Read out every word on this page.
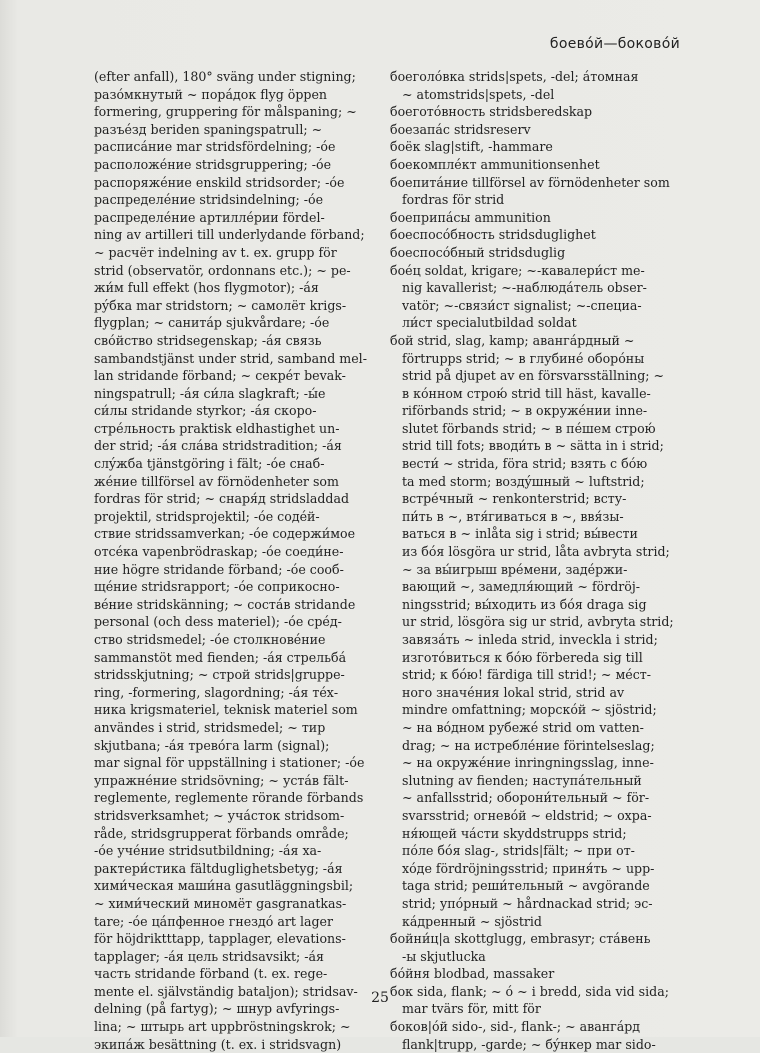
боевóй—боковóй
(efter anfall), 180° sväng under stigning;
разóмкнутый ~ порáдок flyg öppen
formering, gruppering för målspaning; ~
разъéзд beriden spaningspatrull; ~
расписáние mar stridsfördelning; -óе
расположéние stridsgruppering; -óе
распоряжéние enskild stridsorder; -óе
распределéние stridsindelning; -óе
распределéние артиллéрии fördel-
ning av artilleri till underlydande förband;
~ расчёт indelning av t. ex. grupp för
strid (observatör, ordonnans etc.); ~ ре-
жи́м full effekt (hos flygmotor); -áя
рýбка mar stridstorn; ~ самолёт krigs-
flygplan; ~ санитáр sjukvårdare; -óе
свóйство stridsegenskap; -áя связь
sambandstjänst under strid, samband mel-
lan stridande förband; ~ секрéт bevak-
ningspatrull; -áя си́ла slagkraft; -ы́е
си́лы stridande styrkor; -áя скоро-
стрéльность praktisk eldhastighet un-
der strid; -áя слáва stridstradition; -áя
слýжба tjänstgöring i fält; -óе снаб-
жéние tillförsel av förnödenheter som
fordras för strid; ~ снаря́д stridsladdad
projektil, stridsprojektil; -óе содéй-
ствие stridssamverkan; -óе содержи́мое
отсéка vapenbrödraskap; -óе соеди́не-
ние högre stridande förband; -óе сооб-
щéние stridsrapport; -óе соприкосно-
вéние stridskänning; ~ состáв stridande
personal (och dess materiel); -óе срéд-
ство stridsmedel; -óе столкновéние
sammanstöt med fienden; -áя стрельбá
stridsskjutning; ~ строй strids|gruppe-
ring, -formering, slagordning; -áя тéх-
ника krigsmateriel, teknisk materiel som
användes i strid, stridsmedel; ~ тир
skjutbana; -áя тревóга larm (signal);
mar signal för uppställning i stationer; -óе
упражнéние stridsövning; ~ устáв fält-
reglemente, reglemente rörande förbands
stridsverksamhet; ~ учáсток stridsom-
råde, stridsgrupperat förbands område;
-óе учéние stridsutbildning; -áя ха-
рактери́стика fältduglighetsbetyg; -áя
хими́ческая маши́на gasutläggningsbil;
~ хими́ческий миномёт gasgranatkas-
tare; -óе цáпфенное гнездó art lager
för höjdriktttapp, tapplager, elevations-
tapplager; -áя цель stridsavsikt; -áя
часть stridande förband (t. ex. rege-
mente el. självständig bataljon); stridsav-
delning (på fartyg); ~ шнур avfyrings-
lina; ~ штырь art uppbröstningskrok; ~
экипáж besättning (t. ex. i stridsvagn)
боеголóвка strids|spets, -del; áтомная
~ atomstrids|spets, -del
боеготóвность stridsberedskap
боезапáс stridsreserv
боёк slag|stift, -hammare
боекомплéкт ammunitionsenhet
боепитáние tillförsel av förnödenheter som
fordras för strid
боеприпáсы ammunition
боеспосóбность stridsduglighet
боеспосóбный stridsduglig
боéц soldat, krigare; ~-кавалери́ст me-
nig kavallerist; ~-наблюдáтель obser-
vatör; ~-связи́ст signalist; ~-специа-
ли́ст specialutbildad soldat
бой strid, slag, kamp; авангáрдный ~
förtrupps strid; ~ в глубинé оборóны
strid på djupet av en försvarsställning; ~
в кóнном строю́ strid till häst, kavalle-
riförbands strid; ~ в окружéнии inne-
slutet förbands strid; ~ в пéшем строю́
strid till fots; вводи́ть в ~ sätta in i strid;
вести́ ~ strida, föra strid; взять с бóю
ta med storm; воздýшный ~ luftstrid;
встрéчный ~ renkonterstrid; всту-
пи́ть в ~, втя́гиваться в ~, ввя́зы-
ваться в ~ inlåta sig i strid; вы́вести
из бóя lösgöra ur strid, låta avbryta strid;
~ за вы́игрыш врéмени, задéржи-
вающий ~, замедля́ющий ~ fördröj-
ningsstrid; вы́ходить из бóя draga sig
ur strid, lösgöra sig ur strid, avbryta strid;
завязáть ~ inleda strid, inveckla i strid;
изготóвиться к бóю förbereda sig till
strid; к бóю! färdiga till strid!; ~ мéст-
ного значéния lokal strid, strid av
mindre omfattning; морскóй ~ sjöstrid;
~ на вóдном рубежé strid om vatten-
drag; ~ на истреблéние förintelseslag;
~ на окружéние inringningsslag, inne-
slutning av fienden; наступáтельный
~ anfallsstrid; оборони́тельный ~ för-
svarsstrid; огневóй ~ eldstrid; ~ охра-
ня́ющей чáсти skyddstrupps strid;
пóле бóя slag-, strids|fält; ~ при от-
хóде fördröjningsstrid; приня́ть ~ upp-
taga strid; реши́тельный ~ avgörande
strid; упóрный ~ hårdnackad strid; эс-
кáдренный ~ sjöstrid
бойни́ц|а skottglugg, embrasyr; стáвень
-ы skjutlucka
бóйня blodbad, massaker
бок sida, flank; ~ ó ~ i bredd, sida vid sida;
mar tvärs för, mitt för
боков|óй sido-, sid-, flank-; ~ авангáрд
flank|trupp, -garde; ~ бýнкер mar sido-
25
